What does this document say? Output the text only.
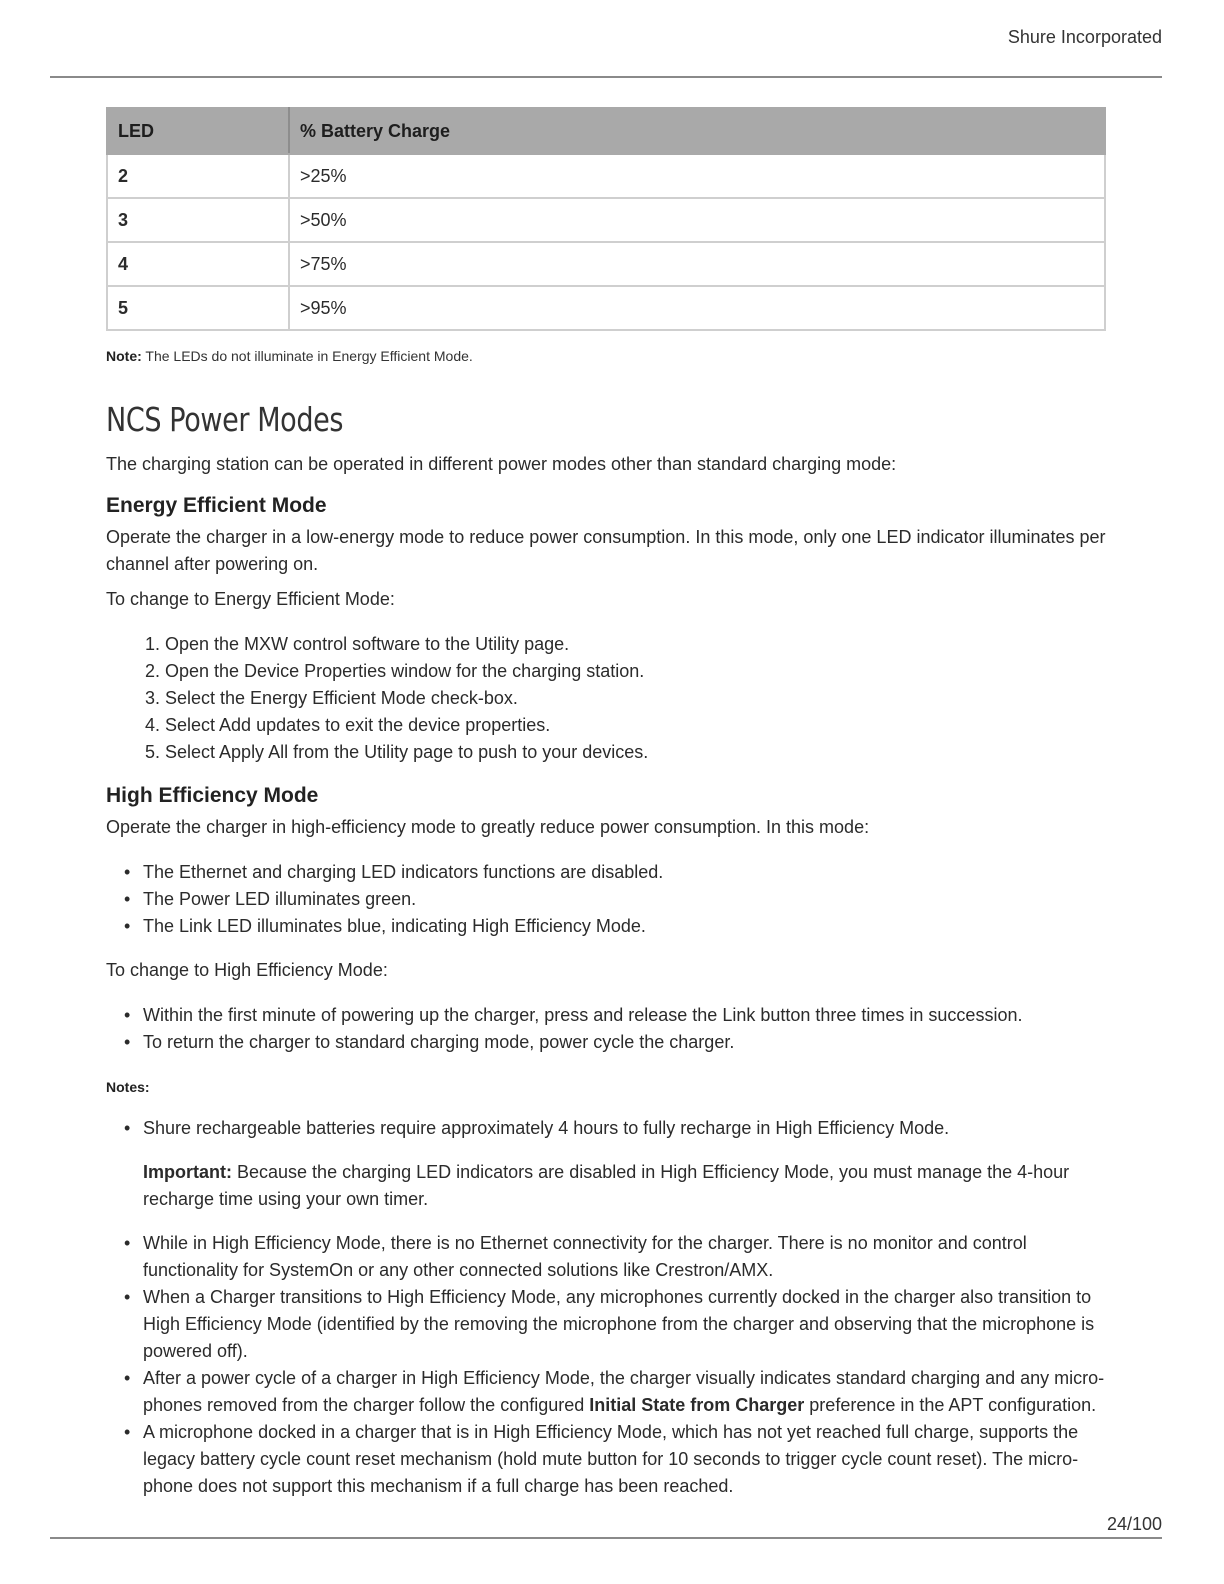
Shure Incorporated
LED	% Battery Charge
2	>25%
3	>50%
4	>75%
5	>95%
Note: The LEDs do not illuminate in Energy Efficient Mode.
NCS Power Modes

The charging station can be operated in different power modes other than standard charging mode:

Energy Efficient Mode

Operate the charger in a low-energy mode to reduce power consumption. In this mode, only one LED indicator illuminates per channel after powering on.

To change to Energy Efficient Mode:

1. Open the MXW control software to the Utility page.
2. Open the Device Properties window for the charging station.
3. Select the Energy Efficient Mode check-box.
4. Select Add updates to exit the device properties.
5. Select Apply All from the Utility page to push to your devices.
High Efficiency Mode

Operate the charger in high-efficiency mode to greatly reduce power consumption. In this mode:

• The Ethernet and charging LED indicators functions are disabled.
• The Power LED illuminates green.
• The Link LED illuminates blue, indicating High Efficiency Mode.

To change to High Efficiency Mode:

• Within the first minute of powering up the charger, press and release the Link button three times in succession.
• To return the charger to standard charging mode, power cycle the charger.
Notes:
• Shure rechargeable batteries require approximately 4 hours to fully recharge in High Efficiency Mode.
Important: Because the charging LED indicators are disabled in High Efficiency Mode, you must manage the 4-hour recharge time using your own timer.
• While in High Efficiency Mode, there is no Ethernet connectivity for the charger. There is no monitor and control functionality for SystemOn or any other connected solutions like Crestron/AMX.
• When a Charger transitions to High Efficiency Mode, any microphones currently docked in the charger also transition to High Efficiency Mode (identified by the removing the microphone from the charger and observing that the microphone is powered off).
• After a power cycle of a charger in High Efficiency Mode, the charger visually indicates standard charging and any microphones removed from the charger follow the configured Initial State from Charger preference in the APT configuration.
• A microphone docked in a charger that is in High Efficiency Mode, which has not yet reached full charge, supports the legacy battery cycle count reset mechanism (hold mute button for 10 seconds to trigger cycle count reset). The microphone does not support this mechanism if a full charge has been reached.
24/100
